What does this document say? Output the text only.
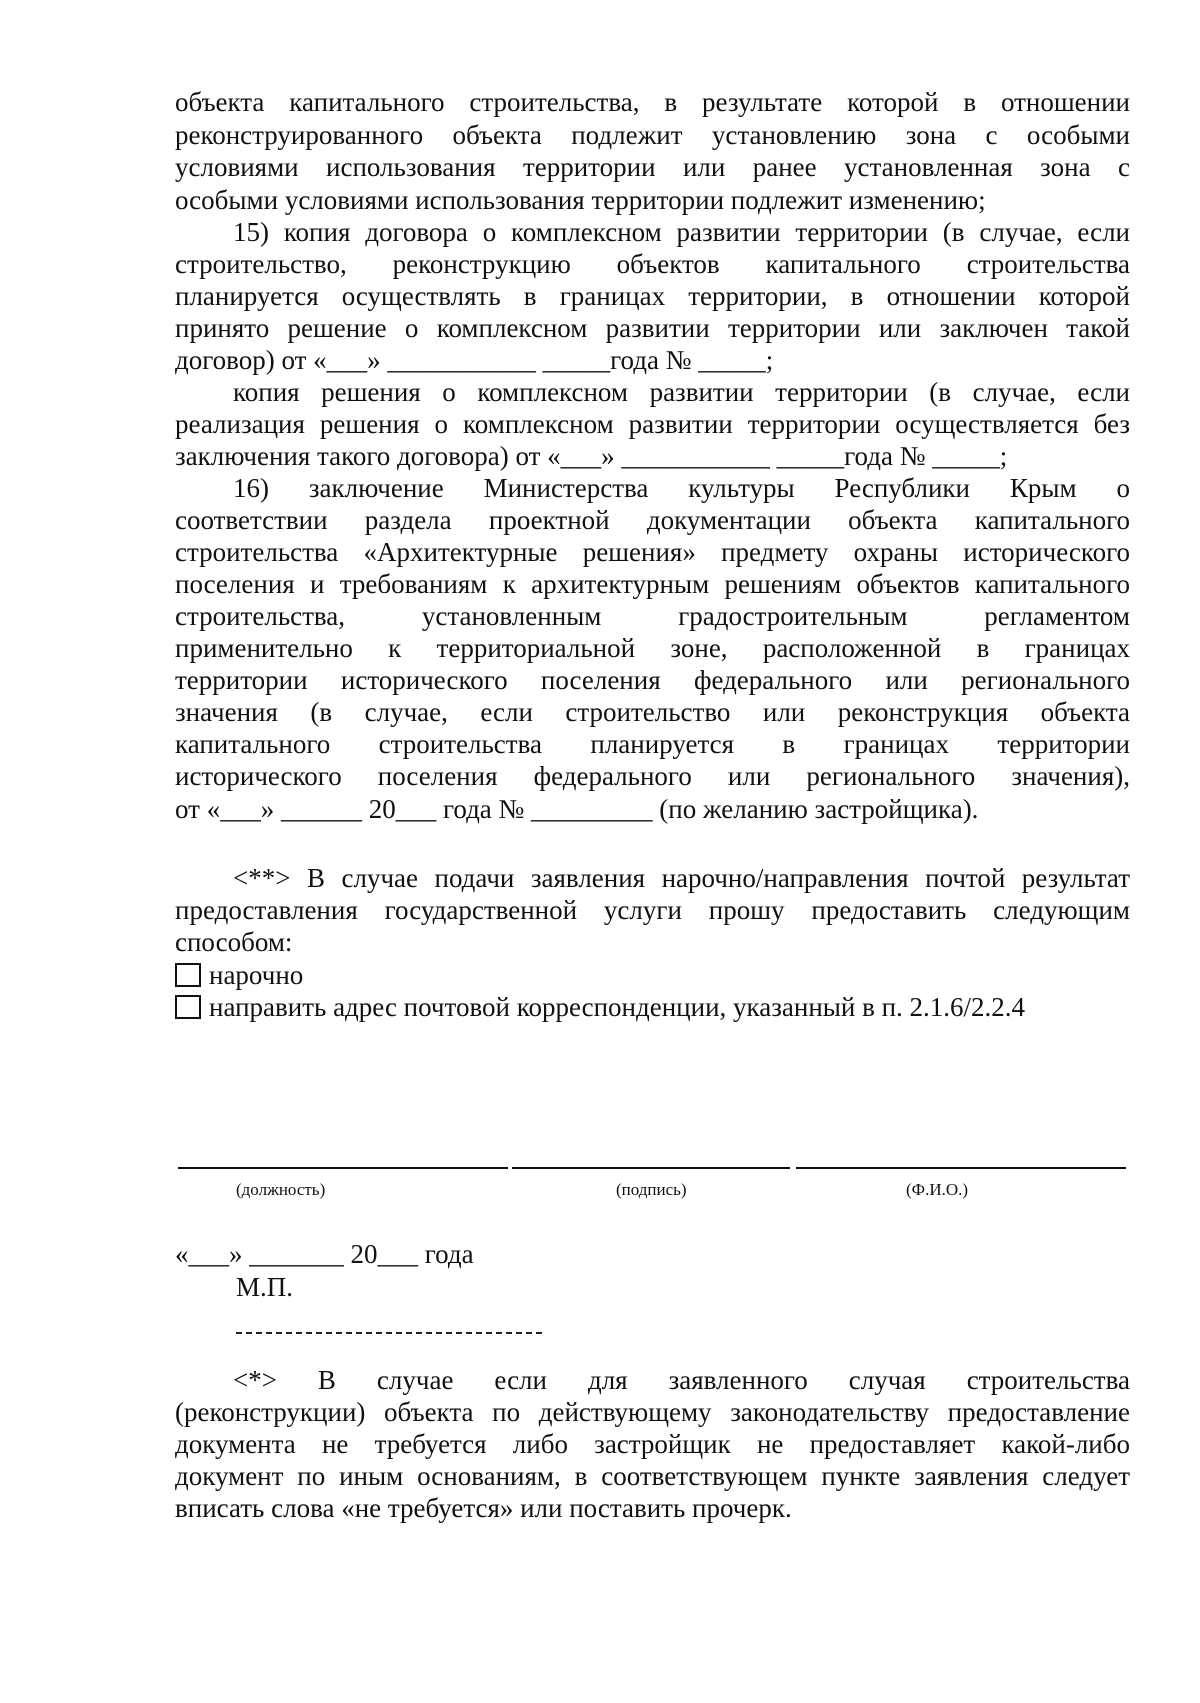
объекта капитального строительства, в результате которой в отношении
реконструированного объекта подлежит установлению зона с особыми
условиями использования территории или ранее установленная зона с
особыми условиями использования территории подлежит изменению;
15) копия договора о комплексном развитии территории (в случае, если
строительство, реконструкцию объектов капитального строительства
планируется осуществлять в границах территории, в отношении которой
принято решение о комплексном развитии территории или заключен такой
договор) от «___» ___________ _____года № _____;
копия решения о комплексном развитии территории (в случае, если
реализация решения о комплексном развитии территории осуществляется без
заключения такого договора) от «___» ___________ _____года № _____;
16) заключение Министерства культуры Республики Крым о
соответствии раздела проектной документации объекта капитального
строительства «Архитектурные решения» предмету охраны исторического
поселения и требованиям к архитектурным решениям объектов капитального
строительства, установленным градостроительным регламентом
применительно к территориальной зоне, расположенной в границах
территории исторического поселения федерального или регионального
значения (в случае, если строительство или реконструкция объекта
капитального строительства планируется в границах территории
исторического поселения федерального или регионального значения),
от «___» ______ 20___ года № _________ (по желанию застройщика).
<**> В случае подачи заявления нарочно/направления почтой результат
предоставления государственной услуги прошу предоставить следующим
способом:
нарочно
направить адрес почтовой корреспонденции, указанный в п. 2.1.6/2.2.4
(должность)	(подпись)	(Ф.И.О.)
«___» _______ 20___ года
М.П.
<*> В случае если для заявленного случая строительства
(реконструкции) объекта по действующему законодательству предоставление
документа не требуется либо застройщик не предоставляет какой-либо
документ по иным основаниям, в соответствующем пункте заявления следует
вписать слова «не требуется» или поставить прочерк.
